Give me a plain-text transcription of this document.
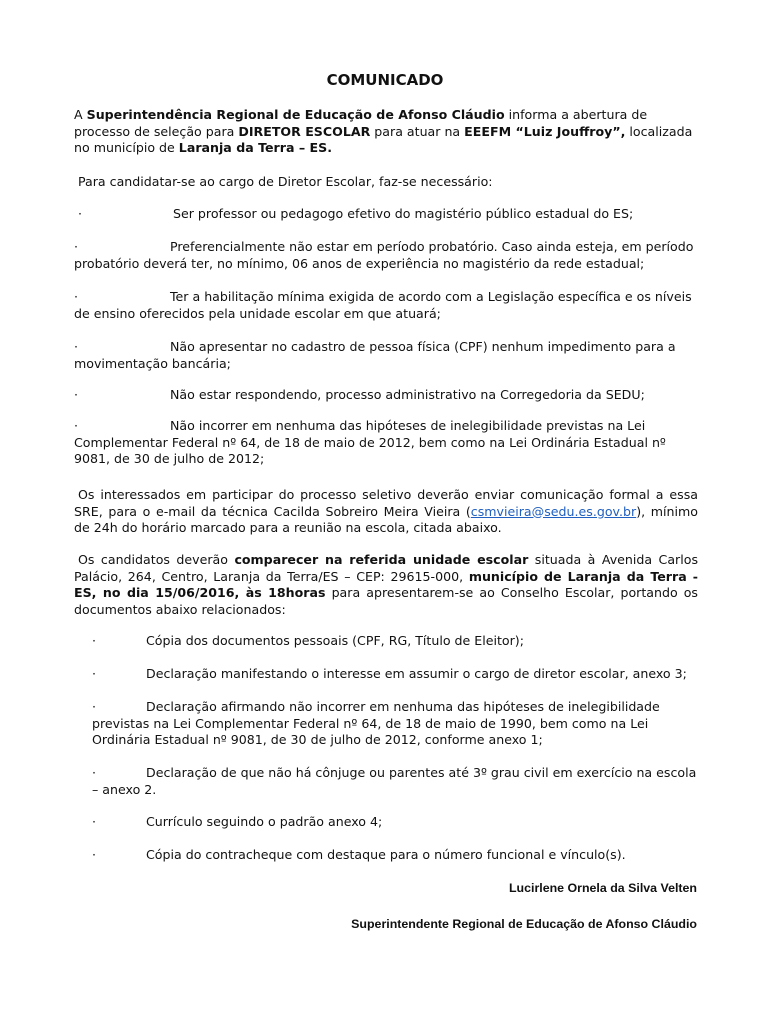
COMUNICADO

A Superintendência Regional de Educação de Afonso Cláudio informa a abertura de processo de seleção para DIRETOR ESCOLAR para atuar na EEEFM “Luiz Jouffroy”, localizada no município de Laranja da Terra – ES.

Para candidatar-se ao cargo de Diretor Escolar, faz-se necessário:

·	Ser professor ou pedagogo efetivo do magistério público estadual do ES;

·	Preferencialmente não estar em período probatório. Caso ainda esteja, em período probatório deverá ter, no mínimo, 06 anos de experiência no magistério da rede estadual;

·	Ter a habilitação mínima exigida de acordo com a Legislação específica e os níveis de ensino oferecidos pela unidade escolar em que atuará;

·	Não apresentar no cadastro de pessoa física (CPF) nenhum impedimento para a movimentação bancária;

·	Não estar respondendo, processo administrativo na Corregedoria da SEDU;

·	Não incorrer em nenhuma das hipóteses de inelegibilidade previstas na Lei Complementar Federal nº 64, de 18 de maio de 2012, bem como na Lei Ordinária Estadual nº 9081, de 30 de julho de 2012;

Os interessados em participar do processo seletivo deverão enviar comunicação formal a essa SRE, para o e-mail da técnica Cacilda Sobreiro Meira Vieira (csmvieira@sedu.es.gov.br), mínimo de 24h do horário marcado para a reunião na escola, citada abaixo.

Os candidatos deverão comparecer na referida unidade escolar situada à Avenida Carlos Palácio, 264, Centro, Laranja da Terra/ES – CEP: 29615-000, município de Laranja da Terra - ES, no dia 15/06/2016, às 18horas para apresentarem-se ao Conselho Escolar, portando os documentos abaixo relacionados:

·	Cópia dos documentos pessoais (CPF, RG, Título de Eleitor);

·	Declaração manifestando o interesse em assumir o cargo de diretor escolar, anexo 3;

·	Declaração afirmando não incorrer em nenhuma das hipóteses de inelegibilidade previstas na Lei Complementar Federal nº 64, de 18 de maio de 1990, bem como na Lei Ordinária Estadual nº 9081, de 30 de julho de 2012, conforme anexo 1;

·	Declaração de que não há cônjuge ou parentes até 3º grau civil em exercício na escola – anexo 2.

·	Currículo seguindo o padrão anexo 4;

·	Cópia do contracheque com destaque para o número funcional e vínculo(s).

Lucirlene Ornela da Silva Velten

Superintendente Regional de Educação de Afonso Cláudio
